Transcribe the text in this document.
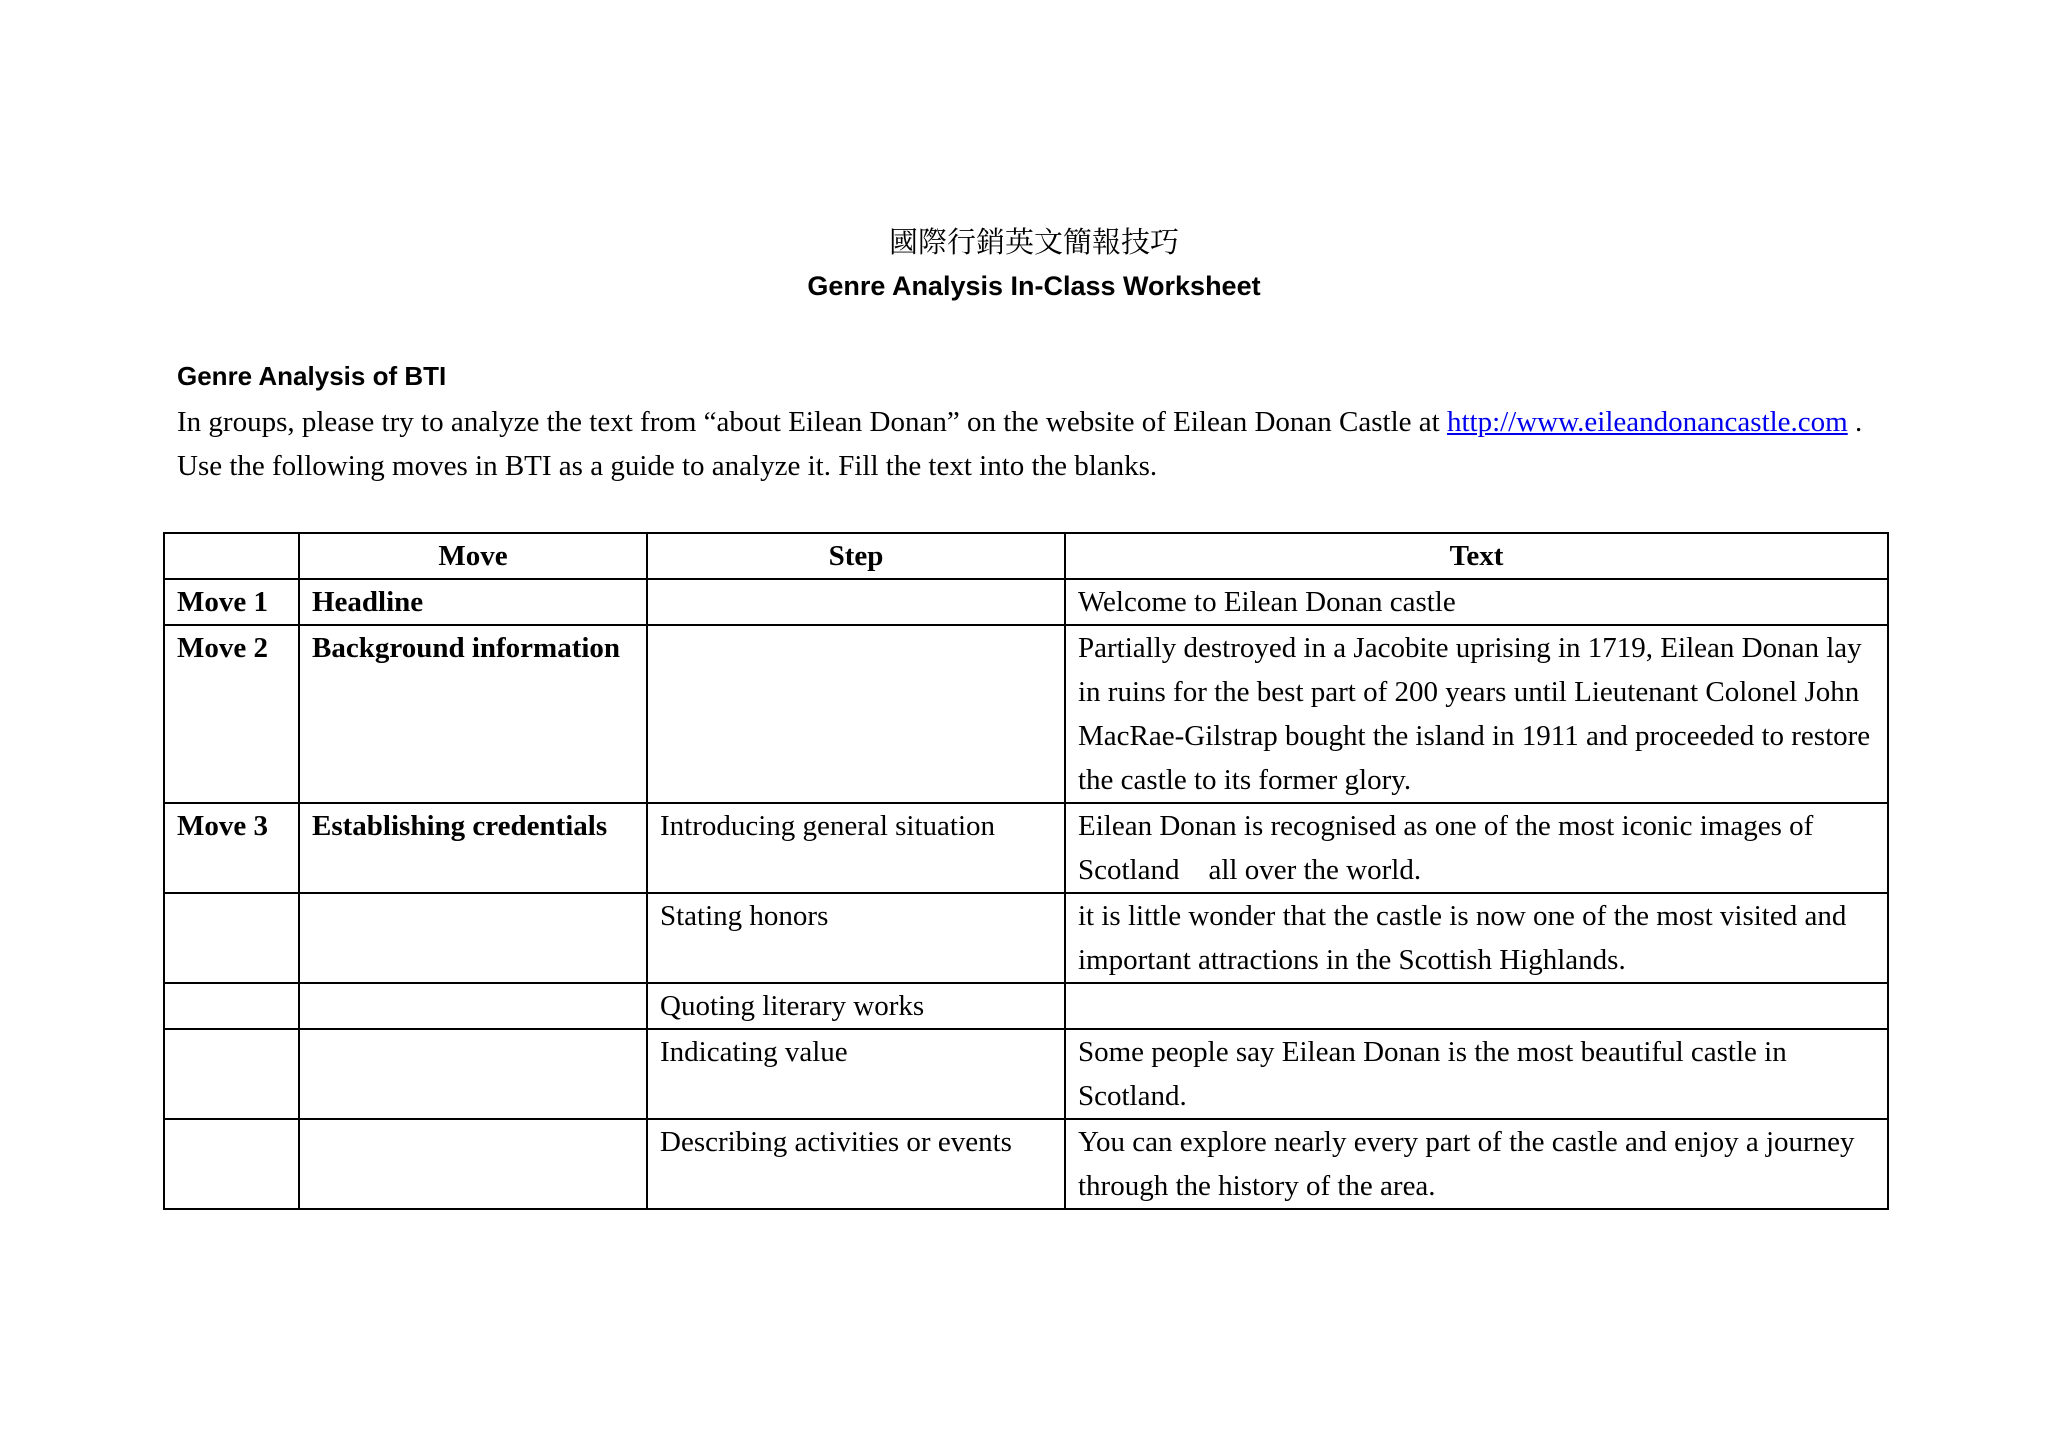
國際行銷英文簡報技巧
Genre Analysis In-Class Worksheet
Genre Analysis of BTI

In groups, please try to analyze the text from “about Eilean Donan” on the website of Eilean Donan Castle at http://www.eileandonancastle.com .

Use the following moves in BTI as a guide to analyze it. Fill the text into the blanks.

	Move	Step	Text
Move 1	Headline		Welcome to Eilean Donan castle
Move 2	Background information		Partially destroyed in a Jacobite uprising in 1719, Eilean Donan lay in ruins for the best part of 200 years until Lieutenant Colonel John MacRae-Gilstrap bought the island in 1911 and proceeded to restore the castle to its former glory.
Move 3	Establishing credentials	Introducing general situation	Eilean Donan is recognised as one of the most iconic images of Scotland　all over the world.
		Stating honors	it is little wonder that the castle is now one of the most visited and important attractions in the Scottish Highlands.
		Quoting literary works	
		Indicating value	Some people say Eilean Donan is the most beautiful castle in Scotland.
		Describing activities or events	You can explore nearly every part of the castle and enjoy a journey through the history of the area.
